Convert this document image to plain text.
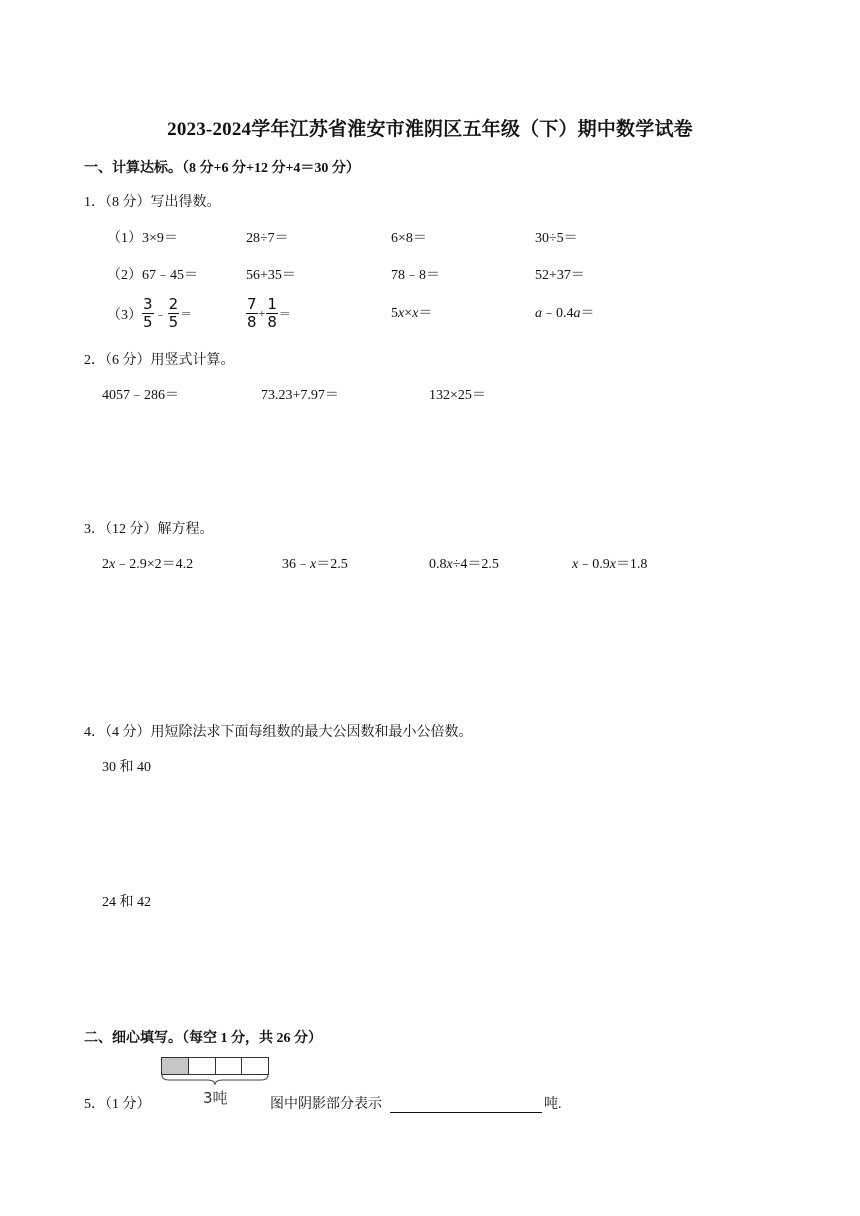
2023-2024学年江苏省淮安市淮阴区五年级（下）期中数学试卷
一、计算达标。（8 分+6 分+12 分+4＝30 分）
1．（8 分）写出得数。
（1）3×9＝	28÷7＝	6×8＝	30÷5＝
（2）67﹣45＝	56+35＝	78﹣8＝	52+37＝
$(3) \frac{3}{5}$ ﹣ $\frac{2}{5}$ ＝	$\frac{7}{8} + \frac{1}{8}$ ＝	5x×x＝	a﹣0.4a＝
2．（6 分）用竖式计算。
4057﹣286＝	73.23+7.97＝	132×25＝
3．（12 分）解方程。
2x﹣2.9×2＝4.2	36﹣x＝2.5	0.8x÷4＝2.5	x﹣0.9x＝1.8
4．（4 分）用短除法求下面每组数的最大公因数和最小公倍数。
30 和 40
24 和 42
二、细心填写。（每空 1 分，共 26 分）
3吨
5．（1 分）	图中阴影部分表示	吨.
